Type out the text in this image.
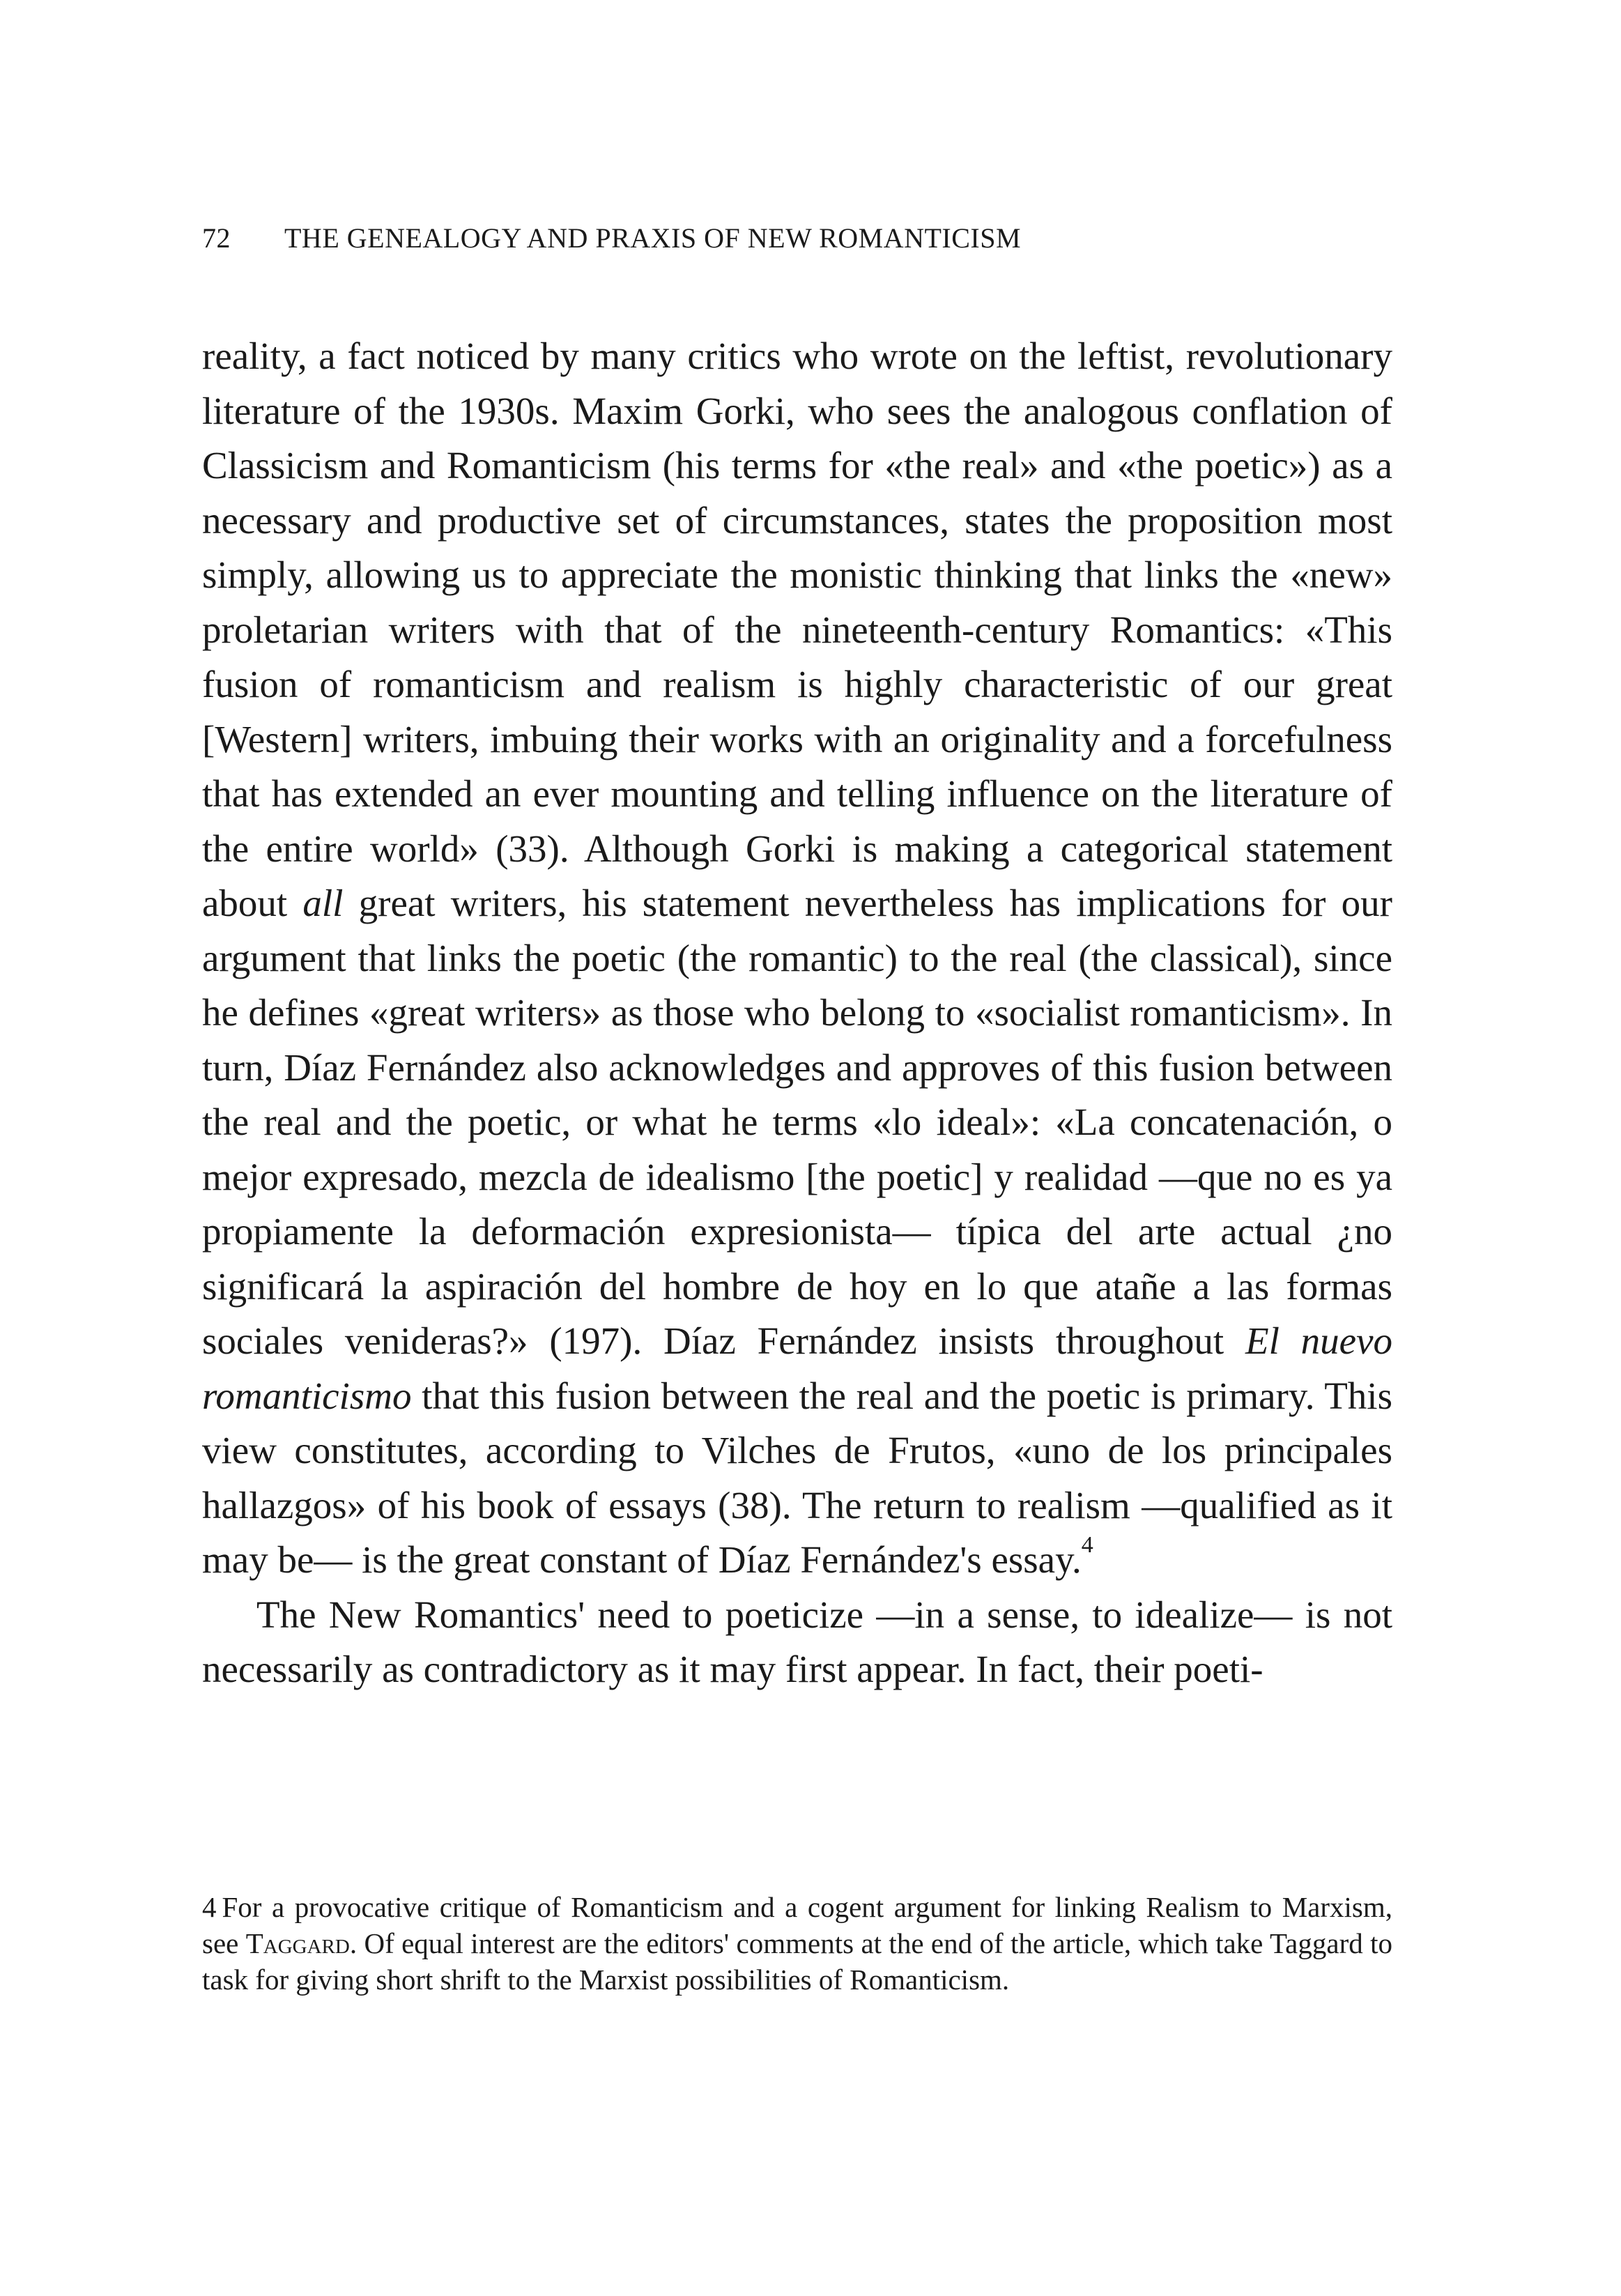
72 THE GENEALOGY AND PRAXIS OF NEW ROMANTICISM

reality, a fact noticed by many critics who wrote on the leftist, revolutionary literature of the 1930s. Maxim Gorki, who sees the analogous conflation of Classicism and Romanticism (his terms for «the real» and «the poetic») as a necessary and productive set of circumstances, states the proposition most simply, allowing us to appreciate the monistic thinking that links the «new» proletarian writers with that of the nineteenth-century Romantics: «This fusion of romanticism and realism is highly characteristic of our great [Western] writers, imbuing their works with an originality and a forcefulness that has extended an ever mounting and telling influence on the literature of the entire world» (33). Although Gorki is making a categorical statement about all great writers, his statement nevertheless has implications for our argument that links the poetic (the romantic) to the real (the classical), since he defines «great writers» as those who belong to «socialist romanticism». In turn, Díaz Fernández also acknowledges and approves of this fusion between the real and the poetic, or what he terms «lo ideal»: «La concatenación, o mejor expresado, mezcla de idealismo [the poetic] y realidad —que no es ya propiamente la deformación expresionista— típica del arte actual ¿no significará la aspiración del hombre de hoy en lo que atañe a las formas sociales venideras?» (197). Díaz Fernández insists throughout El nuevo romanticismo that this fusion between the real and the poetic is primary. This view constitutes, according to Vilches de Frutos, «uno de los principales hallazgos» of his book of essays (38). The return to realism —qualified as it may be— is the great constant of Díaz Fernández's essay.$^4$

The New Romantics' need to poeticize —in a sense, to idealize— is not necessarily as contradictory as it may first appear. In fact, their poeti-

4 For a provocative critique of Romanticism and a cogent argument for linking Realism to Marxism, see Taggard. Of equal interest are the editors' comments at the end of the article, which take Taggard to task for giving short shrift to the Marxist possibilities of Romanticism.
